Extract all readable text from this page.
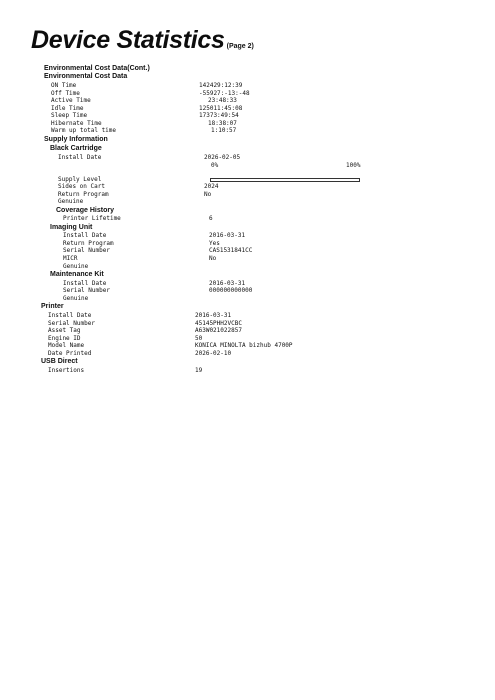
Device Statistics (Page 2)
Environmental Cost Data(Cont.)
Environmental Cost Data
ON Time	142429:12:39
Off Time	-55927:-13:-48
Active Time	23:48:33
Idle Time	125011:45:08
Sleep Time	17373:49:54
Hibernate Time	18:38:07
Warm up total time	1:10:57
Supply Information
Black Cartridge
Install Date	2026-02-05
0%	100%
Supply Level
Sides on Cart	2024
Return Program	No
Genuine
Coverage History
Printer Lifetime	6
Imaging Unit
Install Date	2016-03-31
Return Program	Yes
Serial Number	CAS1531841CC
MICR	No
Genuine
Maintenance Kit
Install Date	2016-03-31
Serial Number	000000000000
Genuine
Printer
Install Date	2016-03-31
Serial Number	45145PHH2VCBC
Asset Tag	A63W021022857
Engine ID	50
Model Name	KONICA MINOLTA bizhub 4700P
Date Printed	2026-02-10
USB Direct
Insertions	19
